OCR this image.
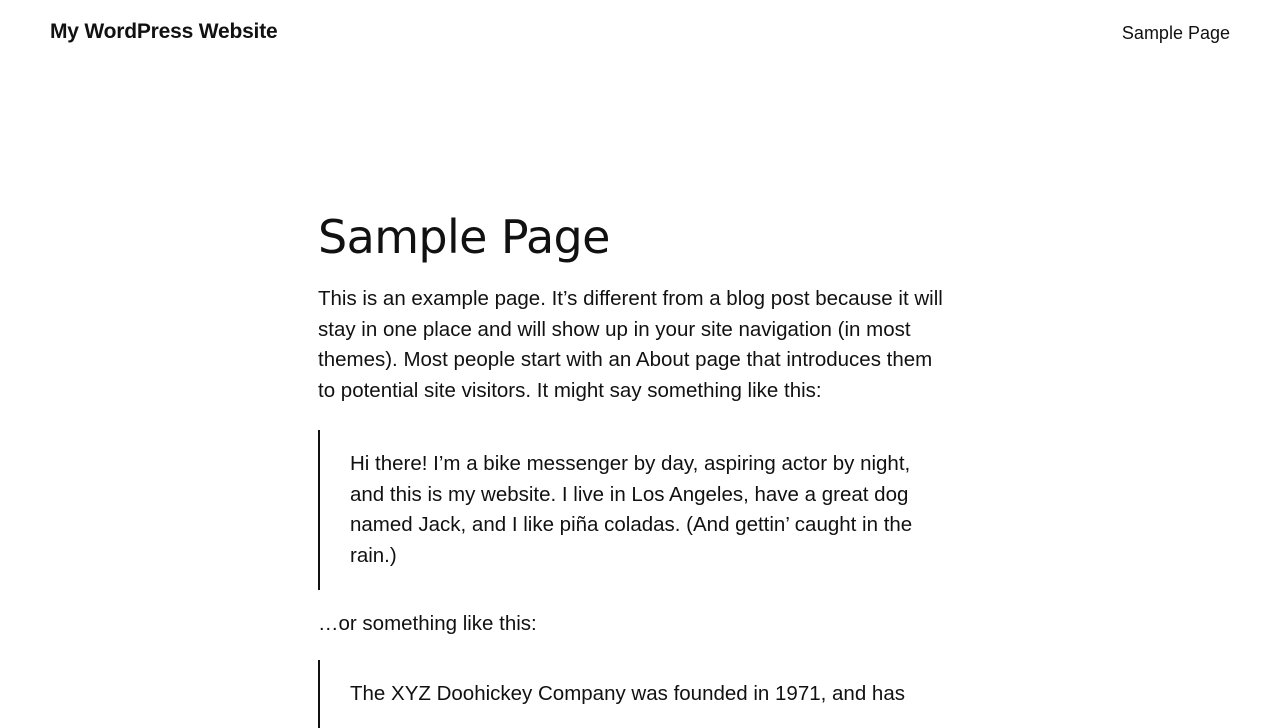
My WordPress Website	Sample Page
Sample Page

This is an example page. It’s different from a blog post because it will stay in one place and will show up in your site navigation (in most themes). Most people start with an About page that introduces them to potential site visitors. It might say something like this:

Hi there! I’m a bike messenger by day, aspiring actor by night, and this is my website. I live in Los Angeles, have a great dog named Jack, and I like piña coladas. (And gettin’ caught in the rain.)

…or something like this:

The XYZ Doohickey Company was founded in 1971, and has
